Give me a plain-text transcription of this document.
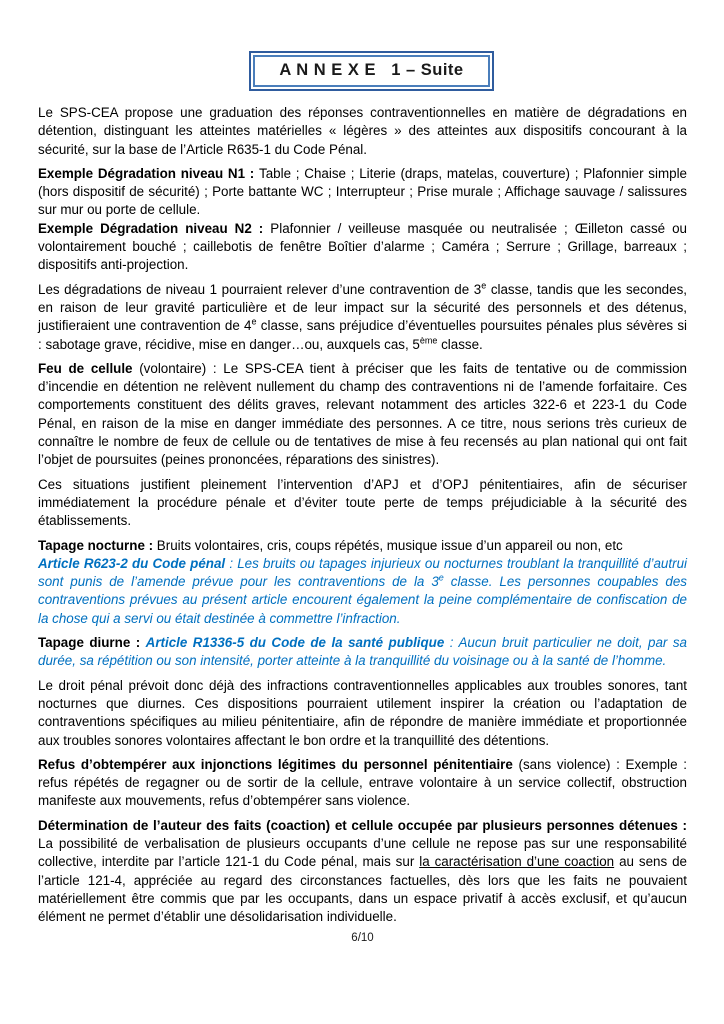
A N N E X E   1 – Suite

Le SPS-CEA propose une graduation des réponses contraventionnelles en matière de dégradations en détention, distinguant les atteintes matérielles « légères » des atteintes aux dispositifs concourant à la sécurité, sur la base de l’Article R635-1 du Code Pénal.

Exemple Dégradation niveau N1 : Table ; Chaise ; Literie (draps, matelas, couverture) ; Plafonnier simple (hors dispositif de sécurité) ; Porte battante WC ; Interrupteur ; Prise murale ; Affichage sauvage / salissures sur mur ou porte de cellule.

Exemple Dégradation niveau N2 : Plafonnier / veilleuse masquée ou neutralisée ; Œilleton cassé ou volontairement bouché ; caillebotis de fenêtre Boîtier d’alarme ; Caméra ; Serrure ; Grillage, barreaux ; dispositifs anti-projection.

Les dégradations de niveau 1 pourraient relever d’une contravention de 3e classe, tandis que les secondes, en raison de leur gravité particulière et de leur impact sur la sécurité des personnels et des détenus, justifieraient une contravention de 4e classe, sans préjudice d’éventuelles poursuites pénales plus sévères si : sabotage grave, récidive, mise en danger…ou, auxquels cas, 5ème classe.

Feu de cellule (volontaire) : Le SPS-CEA tient à préciser que les faits de tentative ou de commission d’incendie en détention ne relèvent nullement du champ des contraventions ni de l’amende forfaitaire. Ces comportements constituent des délits graves, relevant notamment des articles 322-6 et 223-1 du Code Pénal, en raison de la mise en danger immédiate des personnes. A ce titre, nous serions très curieux de connaître le nombre de feux de cellule ou de tentatives de mise à feu recensés au plan national qui ont fait l’objet de poursuites (peines prononcées, réparations des sinistres).

Ces situations justifient pleinement l’intervention d’APJ et d’OPJ pénitentiaires, afin de sécuriser immédiatement la procédure pénale et d’éviter toute perte de temps préjudiciable à la sécurité des établissements.

Tapage nocturne : Bruits volontaires, cris, coups répétés, musique issue d’un appareil ou non, etc

Article R623-2 du Code pénal : Les bruits ou tapages injurieux ou nocturnes troublant la tranquillité d’autrui sont punis de l’amende prévue pour les contraventions de la 3e classe. Les personnes coupables des contraventions prévues au présent article encourent également la peine complémentaire de confiscation de la chose qui a servi ou était destinée à commettre l’infraction.

Tapage diurne : Article R1336-5 du Code de la santé publique : Aucun bruit particulier ne doit, par sa durée, sa répétition ou son intensité, porter atteinte à la tranquillité du voisinage ou à la santé de l’homme.

Le droit pénal prévoit donc déjà des infractions contraventionnelles applicables aux troubles sonores, tant nocturnes que diurnes. Ces dispositions pourraient utilement inspirer la création ou l’adaptation de contraventions spécifiques au milieu pénitentiaire, afin de répondre de manière immédiate et proportionnée aux troubles sonores volontaires affectant le bon ordre et la tranquillité des détentions.

Refus d’obtempérer aux injonctions légitimes du personnel pénitentiaire (sans violence) : Exemple : refus répétés de regagner ou de sortir de la cellule, entrave volontaire à un service collectif, obstruction manifeste aux mouvements, refus d’obtempérer sans violence.

Détermination de l’auteur des faits (coaction) et cellule occupée par plusieurs personnes détenues : La possibilité de verbalisation de plusieurs occupants d’une cellule ne repose pas sur une responsabilité collective, interdite par l’article 121-1 du Code pénal, mais sur la caractérisation d’une coaction au sens de l’article 121-4, appréciée au regard des circonstances factuelles, dès lors que les faits ne pouvaient matériellement être commis que par les occupants, dans un espace privatif à accès exclusif, et qu’aucun élément ne permet d’établir une désolidarisation individuelle.

6/10
